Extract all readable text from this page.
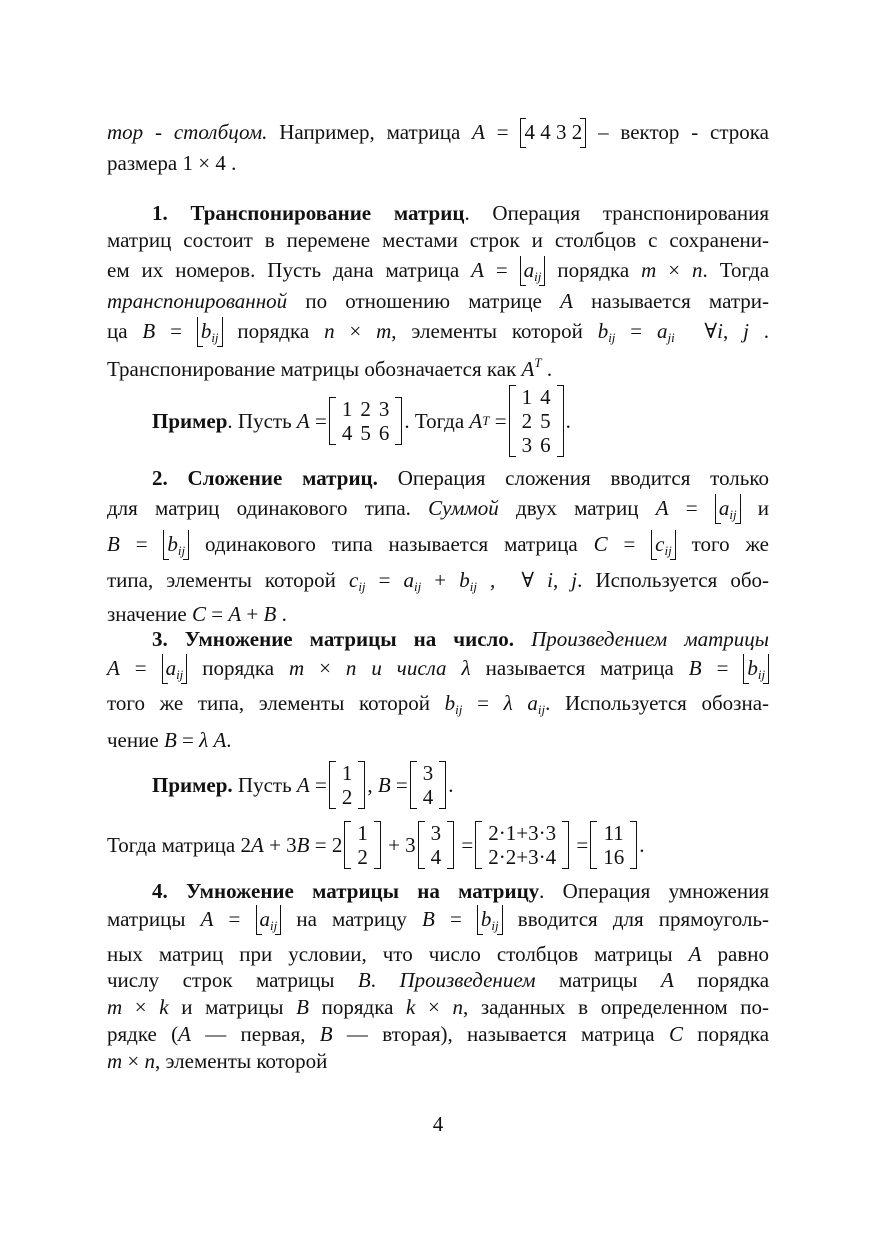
тор - столбцом. Например, матрица A = 4 4 3 2 – вектор - строка
размера 1 × 4 .
1. Транспонирование матриц. Операция транспонирования
матриц состоит в перемене местами строк и столбцов с сохранени-
ем их номеров. Пусть дана матрица $A = a_{ij}$ порядка m × n. Тогда
транспонированной по отношению матрице A называется матри-
ца $B = b_{ij}$ порядка n × m, элементы которой $b_{ij} = a_{ji}$  ∀i, j .
Транспонирование матрицы обозначается как $A^T$ .
Пример . Пусть
A = 1	2	3
4	5	6 . Тогда
A T =
1	4
2	5
3	6
.
2. Сложение матриц. Операция сложения вводится только
для матриц одинакового типа. Суммой двух матриц $A = a_{ij}$ и
$B = b_{ij}$ одинакового типа называется матрица $C = c_{ij}$ того же
типа, элементы которой $c_{ij} = a_{ij} + b_{ij}$ ,  ∀ i, j. Используется обо-
значение C = A + B .
3. Умножение матрицы на число. Произведением матрицы
$A = a_{ij}$ порядка m × n и числа λ называется матрица $B = b_{ij}$
того же типа, элементы которой $b_{ij} = \lambda$ $a_{ij}$. Используется обозна-
чение B = λ A.
Пример.
Пусть
A = 1
2 , B = 3
4 .
Тогда матрица 2 A + 3 B = 2 1
2 + 3 3
4 = 2·1+3·3
2·2+3·4 = 11
16 .
4. Умножение матрицы на матрицу. Операция умножения
матрицы $A = a_{ij}$ на матрицу $B = b_{ij}$ вводится для прямоуголь-
ных матриц при условии, что число столбцов матрицы A равно
числу строк матрицы B. Произведением матрицы A порядка
m × k и матрицы B порядка k × n, заданных в определенном по-
рядке (A — первая, B — вторая), называется матрица C порядка
m × n, элементы которой
4
